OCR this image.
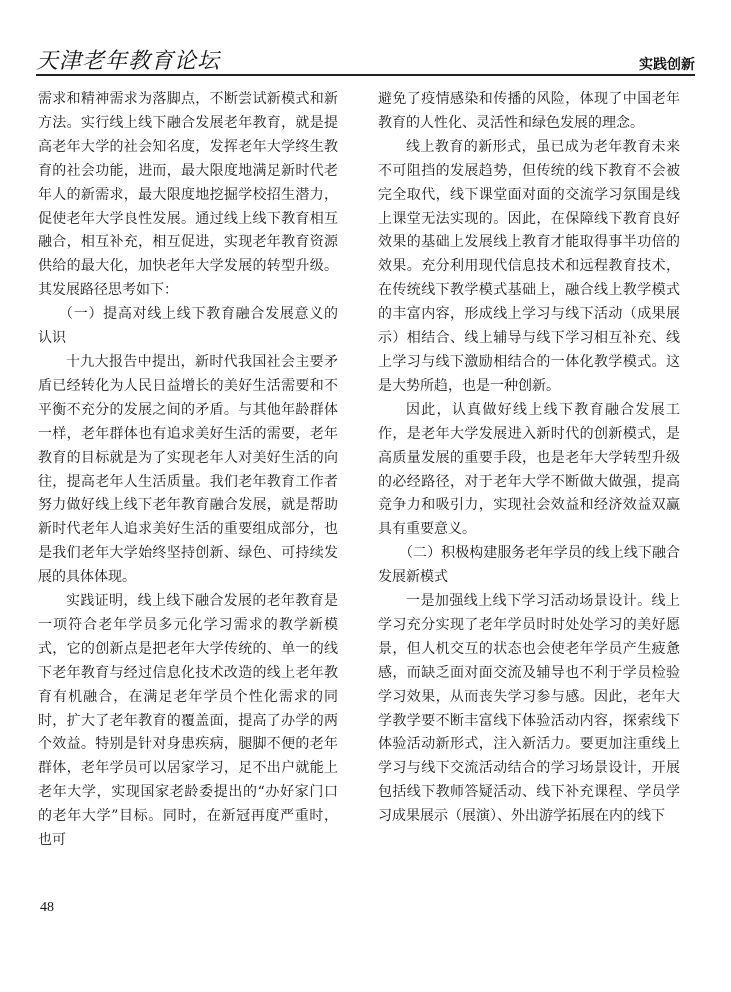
天津老年教育论坛	实践创新

需求和精神需求为落脚点，不断尝试新模式和新方法。实行线上线下融合发展老年教育，就是提高老年大学的社会知名度，发挥老年大学终生教育的社会功能，进而，最大限度地满足新时代老年人的新需求，最大限度地挖掘学校招生潜力，促使老年大学良性发展。通过线上线下教育相互融合，相互补充，相互促进，实现老年教育资源供给的最大化，加快老年大学发展的转型升级。其发展路径思考如下：

（一）提高对线上线下教育融合发展意义的认识

十九大报告中提出，新时代我国社会主要矛盾已经转化为人民日益增长的美好生活需要和不平衡不充分的发展之间的矛盾。与其他年龄群体一样，老年群体也有追求美好生活的需要，老年教育的目标就是为了实现老年人对美好生活的向往，提高老年人生活质量。我们老年教育工作者努力做好线上线下老年教育融合发展，就是帮助新时代老年人追求美好生活的重要组成部分，也是我们老年大学始终坚持创新、绿色、可持续发展的具体体现。

实践证明，线上线下融合发展的老年教育是一项符合老年学员多元化学习需求的教学新模式，它的创新点是把老年大学传统的、单一的线下老年教育与经过信息化技术改造的线上老年教育有机融合，在满足老年学员个性化需求的同时，扩大了老年教育的覆盖面，提高了办学的两个效益。特别是针对身患疾病，腿脚不便的老年群体，老年学员可以居家学习，足不出户就能上老年大学，实现国家老龄委提出的“办好家门口的老年大学”目标。同时，在新冠再度严重时，也可

避免了疫情感染和传播的风险，体现了中国老年教育的人性化、灵活性和绿色发展的理念。

线上教育的新形式，虽已成为老年教育未来不可阻挡的发展趋势，但传统的线下教育不会被完全取代，线下课堂面对面的交流学习氛围是线上课堂无法实现的。因此，在保障线下教育良好效果的基础上发展线上教育才能取得事半功倍的效果。充分利用现代信息技术和远程教育技术，在传统线下教学模式基础上，融合线上教学模式的丰富内容，形成线上学习与线下活动（成果展示）相结合、线上辅导与线下学习相互补充、线上学习与线下激励相结合的一体化教学模式。这是大势所趋，也是一种创新。

因此，认真做好线上线下教育融合发展工作，是老年大学发展进入新时代的创新模式，是高质量发展的重要手段，也是老年大学转型升级的必经路径，对于老年大学不断做大做强，提高竞争力和吸引力，实现社会效益和经济效益双赢具有重要意义。

（二）积极构建服务老年学员的线上线下融合发展新模式

一是加强线上线下学习活动场景设计。线上学习充分实现了老年学员时时处处学习的美好愿景，但人机交互的状态也会使老年学员产生疲惫感，而缺乏面对面交流及辅导也不利于学员检验学习效果，从而丧失学习参与感。因此，老年大学教学要不断丰富线下体验活动内容，探索线下体验活动新形式，注入新活力。要更加注重线上学习与线下交流活动结合的学习场景设计，开展包括线下教师答疑活动、线下补充课程、学员学习成果展示（展演）、外出游学拓展在内的线下

48
